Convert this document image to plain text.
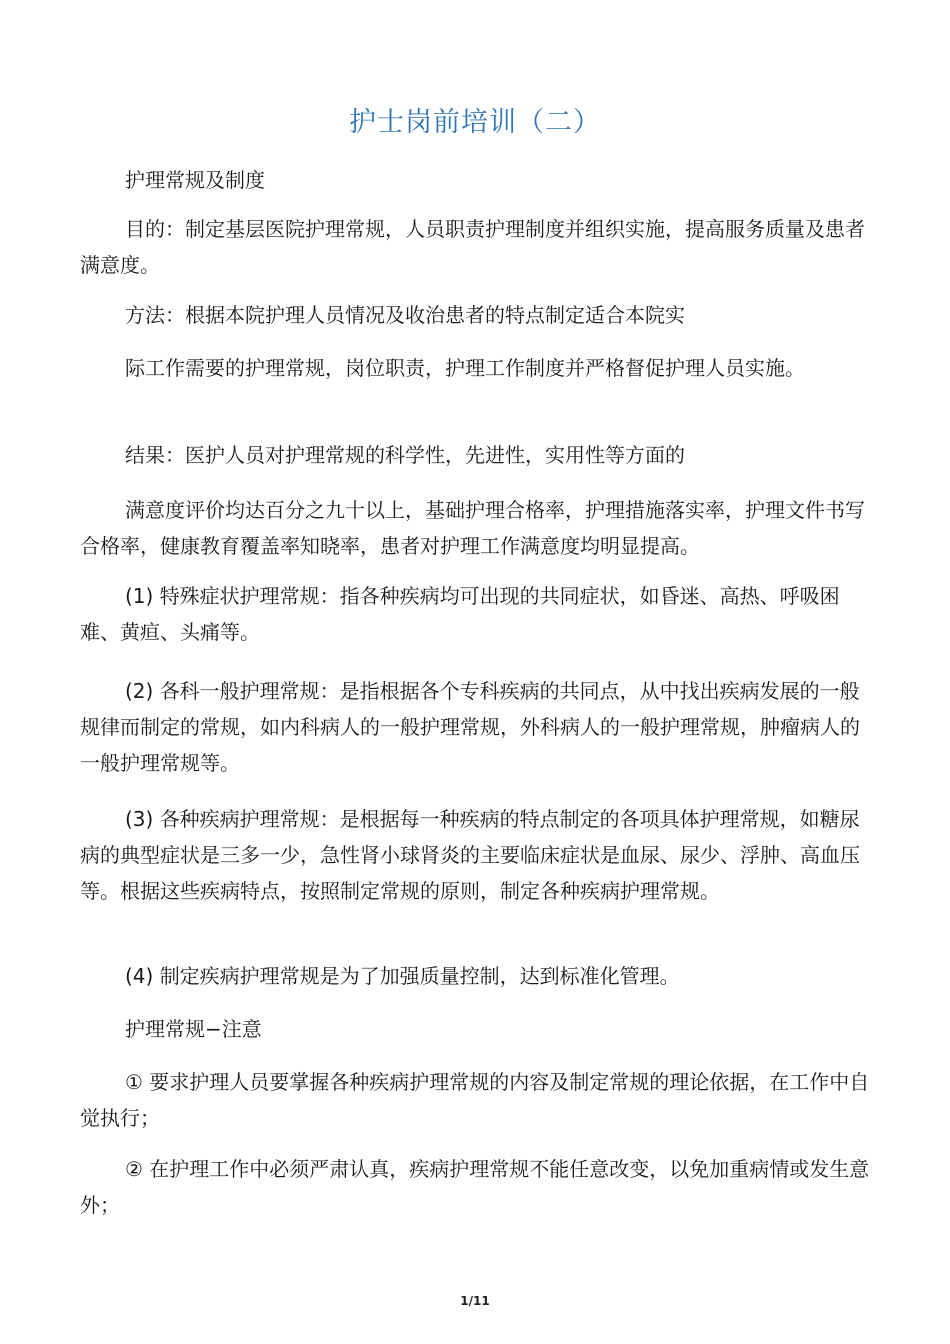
护士岗前培训（二）

护理常规及制度

目的：制定基层医院护理常规，人员职责护理制度并组织实施，提高服务质量及患者满意度。

方法：根据本院护理人员情况及收治患者的特点制定适合本院实

际工作需要的护理常规，岗位职责，护理工作制度并严格督促护理人员实施。

结果：医护人员对护理常规的科学性，先进性，实用性等方面的

满意度评价均达百分之九十以上，基础护理合格率，护理措施落实率，护理文件书写合格率，健康教育覆盖率知晓率，患者对护理工作满意度均明显提高。

(1) 特殊症状护理常规：指各种疾病均可出现的共同症状，如昏迷、高热、呼吸困难、黄疸、头痛等。

(2) 各科一般护理常规：是指根据各个专科疾病的共同点，从中找出疾病发展的一般规律而制定的常规，如内科病人的一般护理常规，外科病人的一般护理常规，肿瘤病人的一般护理常规等。

(3) 各种疾病护理常规：是根据每一种疾病的特点制定的各项具体护理常规，如糖尿病的典型症状是三多一少，急性肾小球肾炎的主要临床症状是血尿、尿少、浮肿、高血压等。根据这些疾病特点，按照制定常规的原则，制定各种疾病护理常规。

(4) 制定疾病护理常规是为了加强质量控制，达到标准化管理。

护理常规−注意

① 要求护理人员要掌握各种疾病护理常规的内容及制定常规的理论依据，在工作中自觉执行；

② 在护理工作中必须严肃认真，疾病护理常规不能任意改变，以免加重病情或发生意外；

1/11
